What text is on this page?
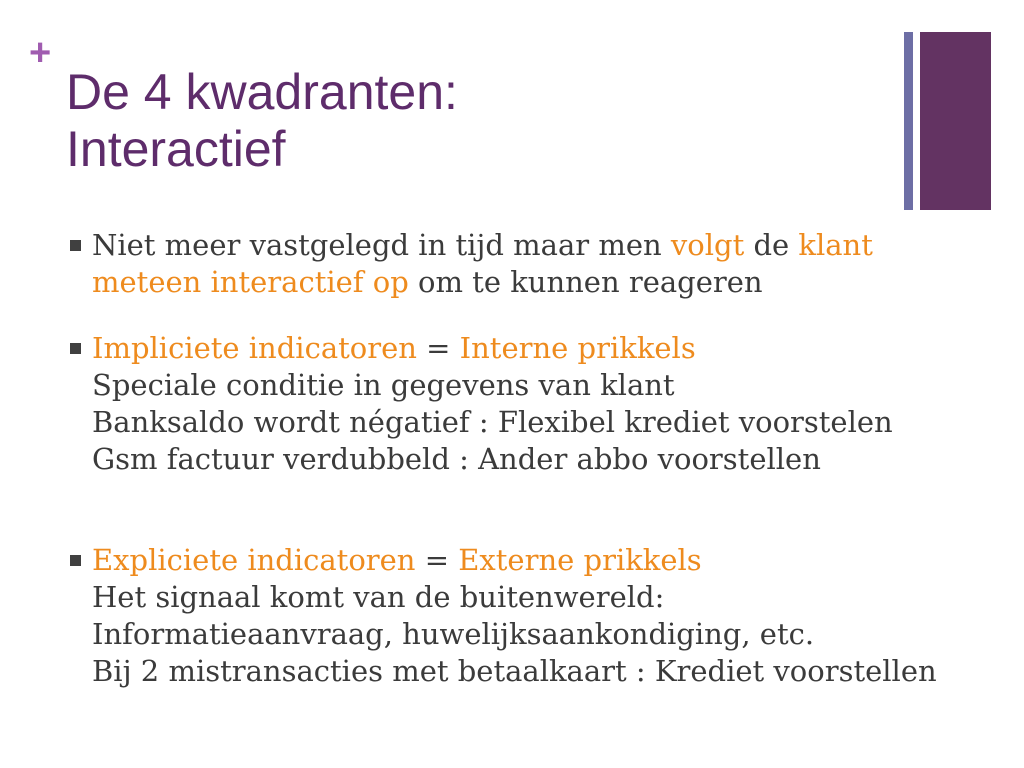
+
De 4 kwadranten:
Interactief
Niet meer vastgelegd in tijd maar men volgt de klant
meteen interactief op om te kunnen reageren
Impliciete indicatoren = Interne prikkels
Speciale conditie in gegevens van klant
Banksaldo wordt négatief : Flexibel krediet voorstelen
Gsm factuur verdubbeld : Ander abbo voorstellen
Expliciete indicatoren = Externe prikkels
Het signaal komt van de buitenwereld:
Informatieaanvraag, huwelijksaankondiging, etc.
Bij 2 mistransacties met betaalkaart : Krediet voorstellen
